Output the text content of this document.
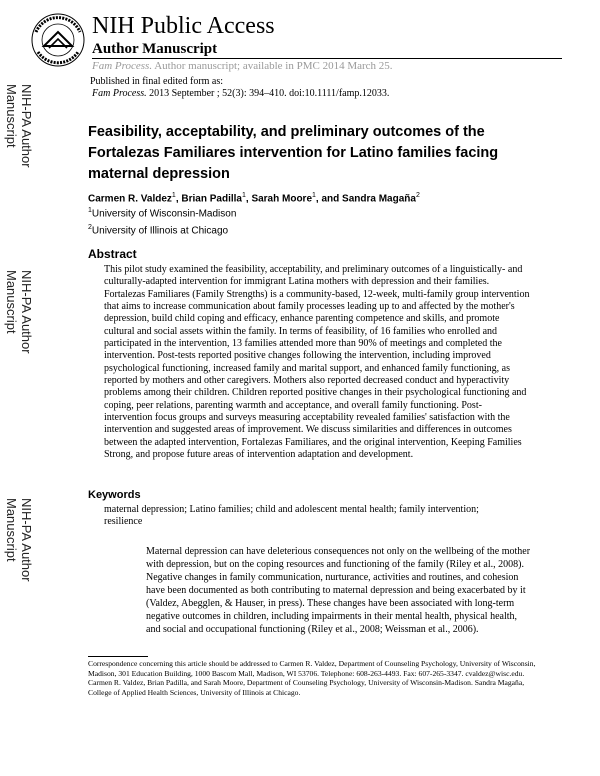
NIH Public Access
Author Manuscript
Fam Process. Author manuscript; available in PMC 2014 March 25.
Published in final edited form as:
Fam Process. 2013 September ; 52(3): 394–410. doi:10.1111/famp.12033.
NIH-PA Author Manuscript
NIH-PA Author Manuscript
NIH-PA Author Manuscript
Feasibility, acceptability, and preliminary outcomes of the Fortalezas Familiares intervention for Latino families facing maternal depression
Carmen R. Valdez$^1$, Brian Padilla$^1$, Sarah Moore$^1$, and Sandra Magaña$^2$
$^1$University of Wisconsin-Madison
$^2$University of Illinois at Chicago
Abstract
This pilot study examined the feasibility, acceptability, and preliminary outcomes of a linguistically- and culturally-adapted intervention for immigrant Latina mothers with depression and their families. Fortalezas Familiares (Family Strengths) is a community-based, 12-week, multi-family group intervention that aims to increase communication about family processes leading up to and affected by the mother's depression, build child coping and efficacy, enhance parenting competence and skills, and promote cultural and social assets within the family. In terms of feasibility, of 16 families who enrolled and participated in the intervention, 13 families attended more than 90% of meetings and completed the intervention. Post-tests reported positive changes following the intervention, including improved psychological functioning, increased family and marital support, and enhanced family functioning, as reported by mothers and other caregivers. Mothers also reported decreased conduct and hyperactivity problems among their children. Children reported positive changes in their psychological functioning and coping, peer relations, parenting warmth and acceptance, and overall family functioning. Post-intervention focus groups and surveys measuring acceptability revealed families' satisfaction with the intervention and suggested areas of improvement. We discuss similarities and differences in outcomes between the adapted intervention, Fortalezas Familiares, and the original intervention, Keeping Families Strong, and propose future areas of intervention adaptation and development.
Keywords
maternal depression; Latino families; child and adolescent mental health; family intervention; resilience
Maternal depression can have deleterious consequences not only on the wellbeing of the mother with depression, but on the coping resources and functioning of the family (Riley et al., 2008). Negative changes in family communication, nurturance, activities and routines, and cohesion have been documented as both contributing to maternal depression and being exacerbated by it (Valdez, Abegglen, & Hauser, in press). These changes have been associated with long-term negative outcomes in children, including impairments in their mental health, physical health, and social and occupational functioning (Riley et al., 2008; Weissman et al., 2006).
Correspondence concerning this article should be addressed to Carmen R. Valdez, Department of Counseling Psychology, University of Wisconsin, Madison, 301 Education Building, 1000 Bascom Mall, Madison, WI 53706. Telephone: 608-263-4493. Fax: 607-265-3347. cvaldez@wisc.edu.
Carmen R. Valdez, Brian Padilla, and Sarah Moore, Department of Counseling Psychology, University of Wisconsin-Madison. Sandra Magaña, College of Applied Health Sciences, University of Illinois at Chicago.
